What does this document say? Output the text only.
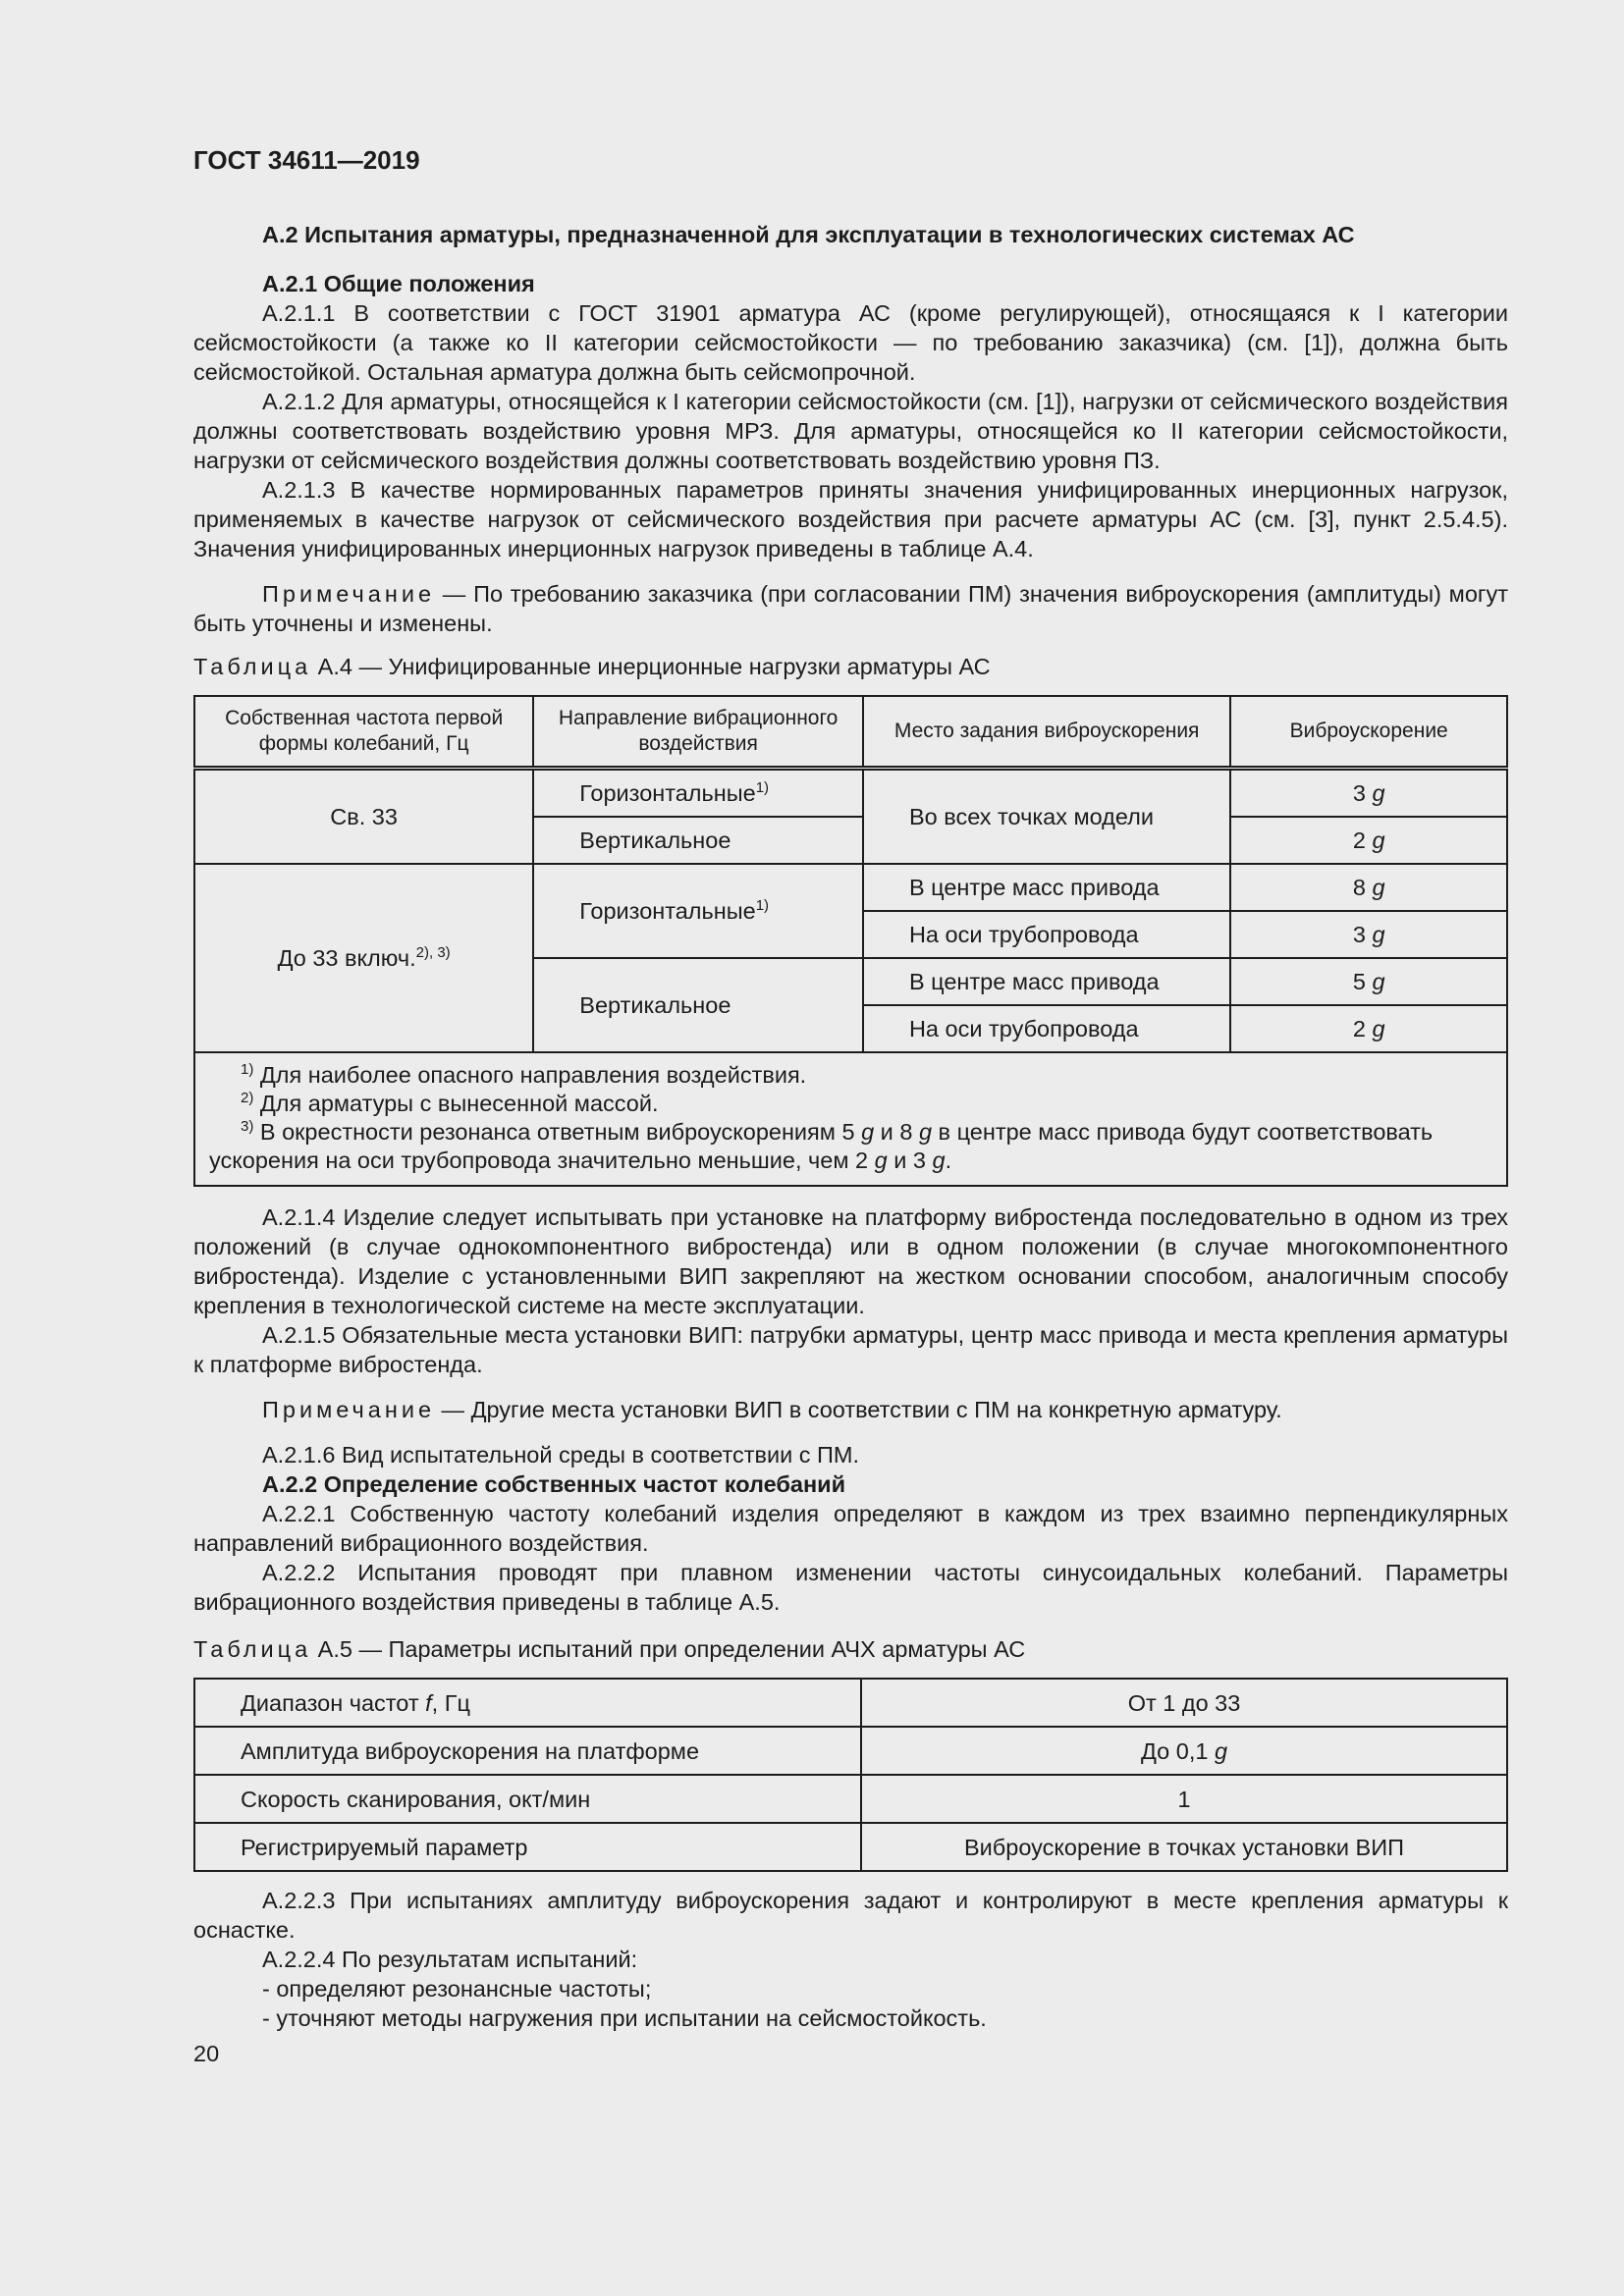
ГОСТ 34611—2019
А.2 Испытания арматуры, предназначенной для эксплуатации в технологических системах АС
А.2.1 Общие положения

А.2.1.1 В соответствии с ГОСТ 31901 арматура АС (кроме регулирующей), относящаяся к I категории сейсмостойкости (а также ко II категории сейсмостойкости — по требованию заказчика) (см. [1]), должна быть сейсмостойкой. Остальная арматура должна быть сейсмопрочной.

А.2.1.2 Для арматуры, относящейся к I категории сейсмостойкости (см. [1]), нагрузки от сейсмического воздействия должны соответствовать воздействию уровня МРЗ. Для арматуры, относящейся ко II категории сейсмостойкости, нагрузки от сейсмического воздействия должны соответствовать воздействию уровня ПЗ.

А.2.1.3 В качестве нормированных параметров приняты значения унифицированных инерционных нагрузок, применяемых в качестве нагрузок от сейсмического воздействия при расчете арматуры АС (см. [3], пункт 2.5.4.5). Значения унифицированных инерционных нагрузок приведены в таблице А.4.

Примечание — По требованию заказчика (при согласовании ПМ) значения виброускорения (амплитуды) могут быть уточнены и изменены.

Таблица А.4 — Унифицированные инерционные нагрузки арматуры АС

Собственная частота первой формы колебаний, Гц	Направление вибрационного воздействия	Место задания виброускорения	Виброускорение
Св. 33	Горизонтальные$^{1)}$	Во всех точках модели	3 g
	Вертикальное		2 g
До 33 включ.$^{2), 3)}$	Горизонтальные$^{1)}$	В центре масс привода	8 g
		На оси трубопровода	3 g
	Вертикальное	В центре масс привода	5 g
		На оси трубопровода	2 g

$^{1)}$ Для наиболее опасного направления воздействия.
$^{2)}$ Для арматуры с вынесенной массой.
$^{3)}$ В окрестности резонанса ответным виброускорениям 5 g и 8 g в центре масс привода будут соответствовать
ускорения на оси трубопровода значительно меньшие, чем 2 g и 3 g.			

А.2.1.4 Изделие следует испытывать при установке на платформу вибростенда последовательно в одном из трех положений (в случае однокомпонентного вибростенда) или в одном положении (в случае многокомпонентного вибростенда). Изделие с установленными ВИП закрепляют на жестком основании способом, аналогичным способу крепления в технологической системе на месте эксплуатации.

А.2.1.5 Обязательные места установки ВИП: патрубки арматуры, центр масс привода и места крепления арматуры к платформе вибростенда.

Примечание — Другие места установки ВИП в соответствии с ПМ на конкретную арматуру.

А.2.1.6 Вид испытательной среды в соответствии с ПМ.

А.2.2 Определение собственных частот колебаний

А.2.2.1 Собственную частоту колебаний изделия определяют в каждом из трех взаимно перпендикулярных направлений вибрационного воздействия.

А.2.2.2 Испытания проводят при плавном изменении частоты синусоидальных колебаний. Параметры вибрационного воздействия приведены в таблице А.5.

Таблица А.5 — Параметры испытаний при определении АЧХ арматуры АС

Диапазон частот f, Гц	От 1 до 33
Амплитуда виброускорения на платформе	До 0,1 g
Скорость сканирования, окт/мин	1
Регистрируемый параметр	Виброускорение в точках установки ВИП

А.2.2.3 При испытаниях амплитуду виброускорения задают и контролируют в месте крепления арматуры к оснастке.

А.2.2.4 По результатам испытаний:

- определяют резонансные частоты;

- уточняют методы нагружения при испытании на сейсмостойкость.

20
